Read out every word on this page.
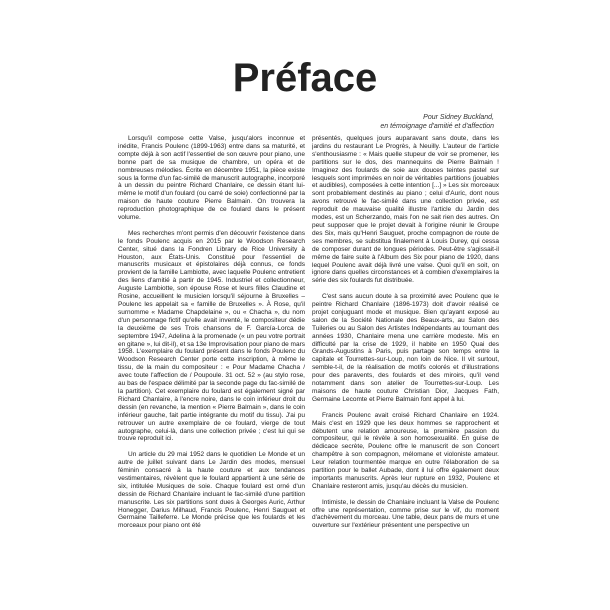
Préface
Pour Sidney Buckland,
en témoignage d'amitié et d'affection

Lorsqu'il compose cette Valse, jusqu'alors inconnue et inédite, Francis Poulenc (1899-1963) entre dans sa maturité, et compte déjà à son actif l'essentiel de son œuvre pour piano, une bonne part de sa musique de chambre, un opéra et de nombreuses mélodies. Écrite en décembre 1951, la pièce existe sous la forme d'un fac-similé de manuscrit autographe, incorporé à un dessin du peintre Richard Chanlaire, ce dessin étant lui-même le motif d'un foulard (ou carré de soie) confectionné par la maison de haute couture Pierre Balmain. On trouvera la reproduction photographique de ce foulard dans le présent volume.

Mes recherches m'ont permis d'en découvrir l'existence dans le fonds Poulenc acquis en 2015 par le Woodson Research Center, situé dans la Fondren Library de Rice University à Houston, aux États-Unis. Constitué pour l'essentiel de manuscrits musicaux et épistolaires déjà connus, ce fonds provient de la famille Lambiotte, avec laquelle Poulenc entretient des liens d'amitié à partir de 1945. Industriel et collectionneur, Auguste Lambiotte, son épouse Rose et leurs filles Claudine et Rosine, accueillent le musicien lorsqu'il séjourne à Bruxelles – Poulenc les appelait sa « famille de Bruxelles ». À Rose, qu'il surnomme « Madame Chapdelaine », ou « Chacha », du nom d'un personnage fictif qu'elle avait inventé, le compositeur dédie la deuxième de ses Trois chansons de F. García-Lorca de septembre 1947, Adelina à la promenade (« un peu votre portrait en gitane », lui dit-il), et sa 13e Improvisation pour piano de mars 1958. L'exemplaire du foulard présent dans le fonds Poulenc du Woodson Research Center porte cette inscription, à même le tissu, de la main du compositeur : « Pour Madame Chacha / avec toute l'affection de / Poupoule. 31 oct. 52 » (au stylo rose, au bas de l'espace délimité par la seconde page du fac-similé de la partition). Cet exemplaire du foulard est également signé par Richard Chanlaire, à l'encre noire, dans le coin inférieur droit du dessin (en revanche, la mention « Pierre Balmain », dans le coin inférieur gauche, fait partie intégrante du motif du tissu). J'ai pu retrouver un autre exemplaire de ce foulard, vierge de tout autographe, celui-là, dans une collection privée ; c'est lui qui se trouve reproduit ici.

Un article du 29 mai 1952 dans le quotidien Le Monde et un autre de juillet suivant dans Le Jardin des modes, mensuel féminin consacré à la haute couture et aux tendances vestimentaires, révèlent que le foulard appartient à une série de six, intitulée Musiques de soie. Chaque foulard est orné d'un dessin de Richard Chanlaire incluant le fac-similé d'une partition manuscrite. Les six partitions sont dues à Georges Auric, Arthur Honegger, Darius Milhaud, Francis Poulenc, Henri Sauguet et Germaine Tailleferre. Le Monde précise que les foulards et les morceaux pour piano ont été

présentés, quelques jours auparavant sans doute, dans les jardins du restaurant Le Progrès, à Neuilly. L'auteur de l'article s'enthousiasme : « Mais quelle stupeur de voir se promener, les partitions sur le dos, des mannequins de Pierre Balmain ! Imaginez des foulards de soie aux douces teintes pastel sur lesquels sont imprimées en noir de véritables partitions (jouables et audibles), composées à cette intention [...] » Les six morceaux sont probablement destinés au piano ; celui d'Auric, dont nous avons retrouvé le fac-similé dans une collection privée, est reproduit de mauvaise qualité illustre l'article du Jardin des modes, est un Scherzando, mais l'on ne sait rien des autres. On peut supposer que le projet devait à l'origine réunir le Groupe des Six, mais qu'Henri Sauguet, proche compagnon de route de ses membres, se substitua finalement à Louis Durey, qui cessa de composer durant de longues périodes. Peut-être s'agissait-il même de faire suite à l'Album des Six pour piano de 1920, dans lequel Poulenc avait déjà livré une valse. Quoi qu'il en soit, on ignore dans quelles circonstances et à combien d'exemplaires la série des six foulards fut distribuée.

C'est sans aucun doute à sa proximité avec Poulenc que le peintre Richard Chanlaire (1896-1973) doit d'avoir réalisé ce projet conjuguant mode et musique. Bien qu'ayant exposé au salon de la Société Nationale des Beaux-arts, au Salon des Tuileries ou au Salon des Artistes Indépendants au tournant des années 1930, Chanlaire mena une carrière modeste. Mis en difficulté par la crise de 1929, il habite en 1950 Quai des Grands-Augustins à Paris, puis partage son temps entre la capitale et Tourrettes-sur-Loup, non loin de Nice. Il vit surtout, semble-t-il, de la réalisation de motifs colorés et d'illustrations pour des paravents, des foulards et des miroirs, qu'il vend notamment dans son atelier de Tourrettes-sur-Loup. Les maisons de haute couture Christian Dior, Jacques Fath, Germaine Lecomte et Pierre Balmain font appel à lui.

Francis Poulenc avait croisé Richard Chanlaire en 1924. Mais c'est en 1929 que les deux hommes se rapprochent et débutent une relation amoureuse, la première passion du compositeur, qui le révèle à son homosexualité. En guise de dédicace secrète, Poulenc offre le manuscrit de son Concert champêtre à son compagnon, mélomane et violoniste amateur. Leur relation tourmentée marque en outre l'élaboration de sa partition pour le ballet Aubade, dont il lui offre également deux importants manuscrits. Après leur rupture en 1932, Poulenc et Chanlaire resteront amis, jusqu'au décès du musicien.

Intimiste, le dessin de Chanlaire incluant la Valse de Poulenc offre une représentation, comme prise sur le vif, du moment d'achèvement du morceau. Une table, deux pans de murs et une ouverture sur l'extérieur présentent une perspective un
